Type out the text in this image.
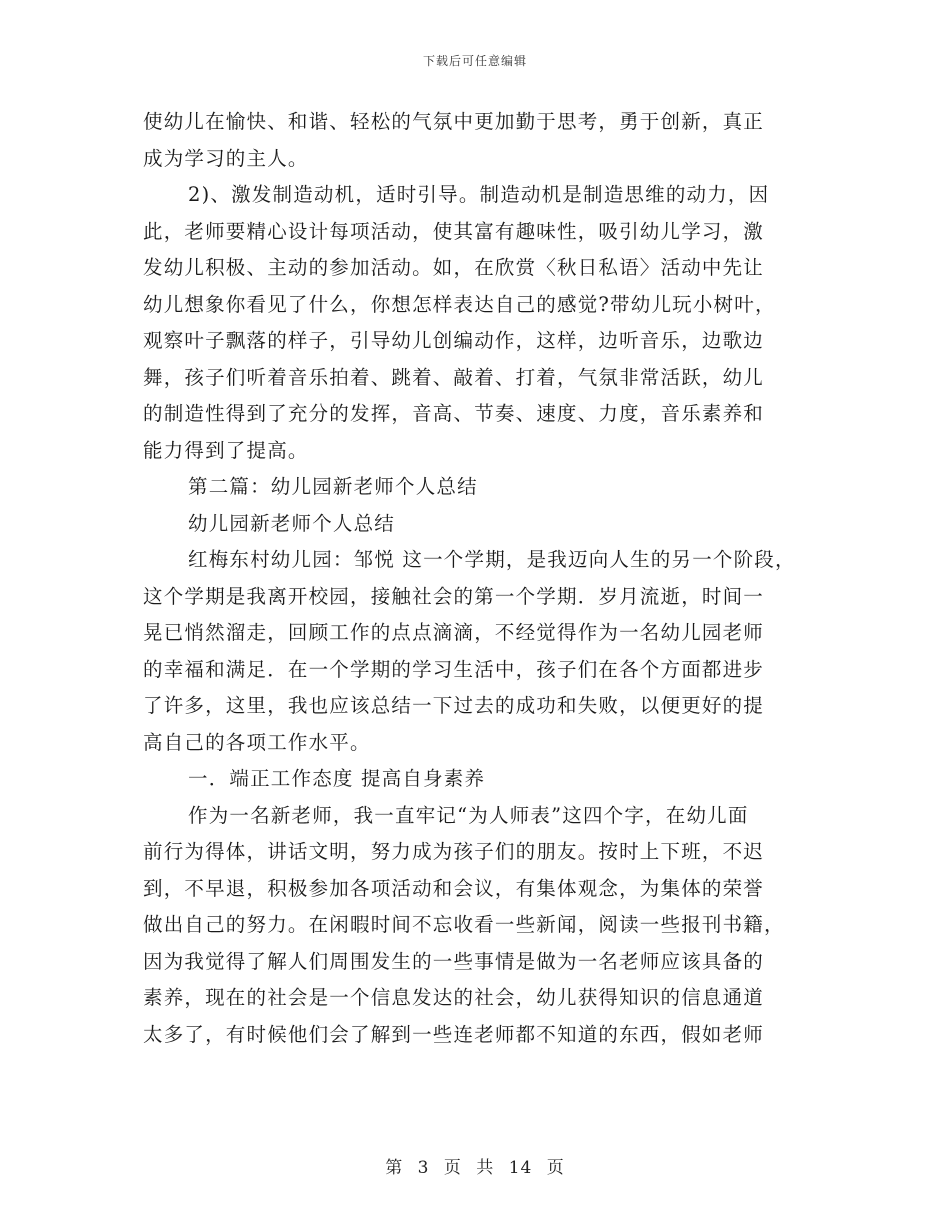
下载后可任意编辑
使幼儿在愉快、和谐、轻松的气氛中更加勤于思考，勇于创新，真正
成为学习的主人。
2)、激发制造动机，适时引导。制造动机是制造思维的动力，因
此，老师要精心设计每项活动，使其富有趣味性，吸引幼儿学习，激
发幼儿积极、主动的参加活动。如，在欣赏〈秋日私语〉活动中先让
幼儿想象你看见了什么，你想怎样表达自己的感觉?带幼儿玩小树叶，
观察叶子飘落的样子，引导幼儿创编动作，这样，边听音乐，边歌边
舞，孩子们听着音乐拍着、跳着、敲着、打着，气氛非常活跃，幼儿
的制造性得到了充分的发挥，音高、节奏、速度、力度，音乐素养和
能力得到了提高。
第二篇：幼儿园新老师个人总结
幼儿园新老师个人总结
红梅东村幼儿园：邹悦 这一个学期，是我迈向人生的另一个阶段，
这个学期是我离开校园，接触社会的第一个学期．岁月流逝，时间一
晃已悄然溜走，回顾工作的点点滴滴，不经觉得作为一名幼儿园老师
的幸福和满足．在一个学期的学习生活中，孩子们在各个方面都进步
了许多，这里，我也应该总结一下过去的成功和失败，以便更好的提
高自己的各项工作水平。
一．端正工作态度 提高自身素养
作为一名新老师，我一直牢记“为人师表”这四个字，在幼儿面
前行为得体，讲话文明，努力成为孩子们的朋友。按时上下班，不迟
到，不早退，积极参加各项活动和会议，有集体观念，为集体的荣誉
做出自己的努力。在闲暇时间不忘收看一些新闻，阅读一些报刊书籍，
因为我觉得了解人们周围发生的一些事情是做为一名老师应该具备的
素养，现在的社会是一个信息发达的社会，幼儿获得知识的信息通道
太多了，有时候他们会了解到一些连老师都不知道的东西，假如老师
第 3 页 共 14 页
